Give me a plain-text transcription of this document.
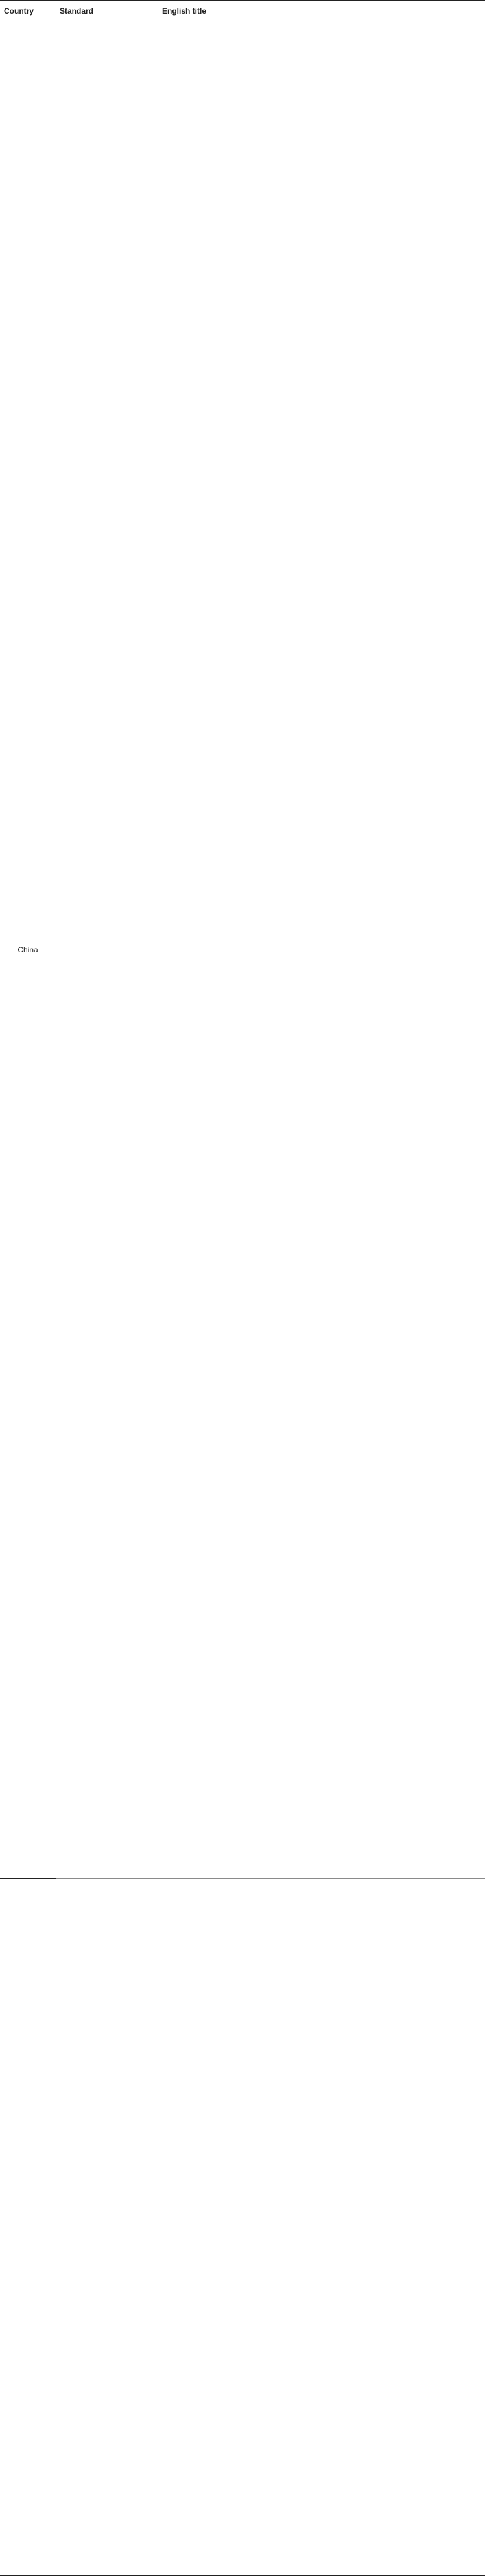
Country	Standard	English title
China		
